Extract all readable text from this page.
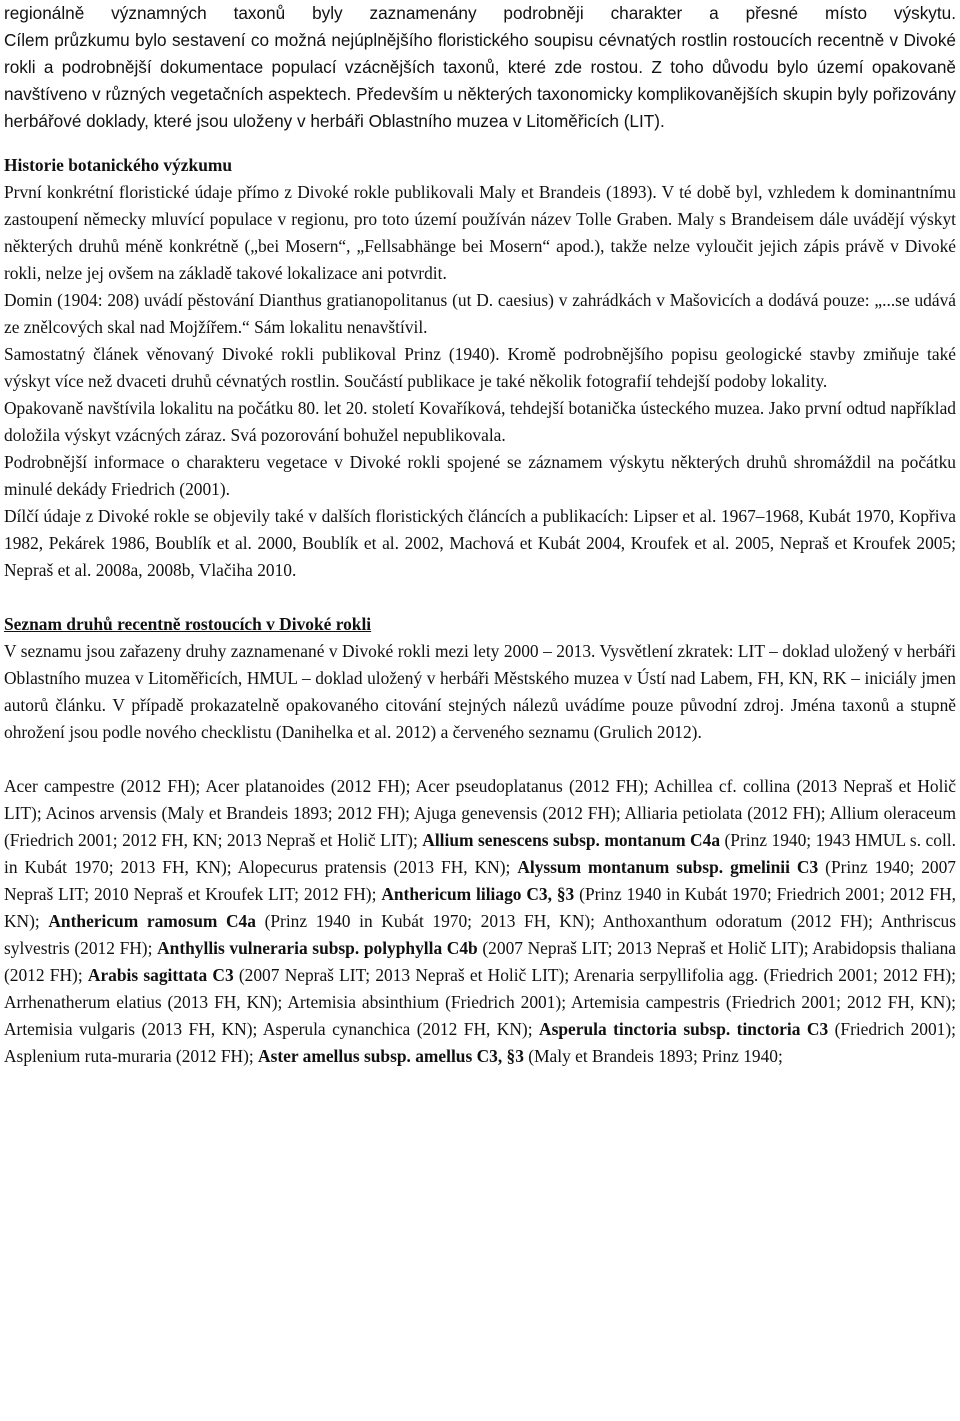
regionálně významných taxonů byly zaznamenány podrobněji charakter a přesné místo výskytu.

Cílem průzkumu bylo sestavení co možná nejúplnějšího floristického soupisu cévnatých rostlin rostoucích recentně v Divoké rokli a podrobnější dokumentace populací vzácnějších taxonů, které zde rostou. Z toho důvodu bylo území opakovaně navštíveno v různých vegetačních aspektech. Především u některých taxonomicky komplikovanějších skupin byly pořizovány herbářové doklady, které jsou uloženy v herbáři Oblastního muzea v Litoměřicích (LIT).

Historie botanického výzkumu

První konkrétní floristické údaje přímo z Divoké rokle publikovali Maly et Brandeis (1893). V té době byl, vzhledem k dominantnímu zastoupení německy mluvící populace v regionu, pro toto území používán název Tolle Graben. Maly s Brandeisem dále uvádějí výskyt některých druhů méně konkrétně („bei Mosern“, „Fellsabhänge bei Mosern“ apod.), takže nelze vyloučit jejich zápis právě v Divoké rokli, nelze jej ovšem na základě takové lokalizace ani potvrdit.

Domin (1904: 208) uvádí pěstování Dianthus gratianopolitanus (ut D. caesius) v zahrádkách v Mašovicích a dodává pouze: „...se udává ze znělcových skal nad Mojžířem.“ Sám lokalitu nenavštívil.

Samostatný článek věnovaný Divoké rokli publikoval Prinz (1940). Kromě podrobnějšího popisu geologické stavby zmiňuje také výskyt více než dvaceti druhů cévnatých rostlin. Součástí publikace je také několik fotografií tehdejší podoby lokality.

Opakovaně navštívila lokalitu na počátku 80. let 20. století Kovaříková, tehdejší botanička ústeckého muzea. Jako první odtud například doložila výskyt vzácných záraz. Svá pozorování bohužel nepublikovala.

Podrobnější informace o charakteru vegetace v Divoké rokli spojené se záznamem výskytu některých druhů shromáždil na počátku minulé dekády Friedrich (2001).

Dílčí údaje z Divoké rokle se objevily také v dalších floristických článcích a publikacích: Lipser et al. 1967–1968, Kubát 1970, Kopřiva 1982, Pekárek 1986, Boublík et al. 2000, Boublík et al. 2002, Machová et Kubát 2004, Kroufek et al. 2005, Nepraš et Kroufek 2005; Nepraš et al. 2008a, 2008b, Vlačiha 2010.

Seznam druhů recentně rostoucích v Divoké rokli

V seznamu jsou zařazeny druhy zaznamenané v Divoké rokli mezi lety 2000 – 2013. Vysvětlení zkratek: LIT – doklad uložený v herbáři Oblastního muzea v Litoměřicích, HMUL – doklad uložený v herbáři Městského muzea v Ústí nad Labem, FH, KN, RK – iniciály jmen autorů článku. V případě prokazatelně opakovaného citování stejných nálezů uvádíme pouze původní zdroj. Jména taxonů a stupně ohrožení jsou podle nového checklistu (Danihelka et al. 2012) a červeného seznamu (Grulich 2012).

Acer campestre (2012 FH); Acer platanoides (2012 FH); Acer pseudoplatanus (2012 FH); Achillea cf. collina (2013 Nepraš et Holič LIT); Acinos arvensis (Maly et Brandeis 1893; 2012 FH); Ajuga genevensis (2012 FH); Alliaria petiolata (2012 FH); Allium oleraceum (Friedrich 2001; 2012 FH, KN; 2013 Nepraš et Holič LIT); Allium senescens subsp. montanum C4a (Prinz 1940; 1943 HMUL s. coll. in Kubát 1970; 2013 FH, KN); Alopecurus pratensis (2013 FH, KN); Alyssum montanum subsp. gmelinii C3 (Prinz 1940; 2007 Nepraš LIT; 2010 Nepraš et Kroufek LIT; 2012 FH); Anthericum liliago C3, §3 (Prinz 1940 in Kubát 1970; Friedrich 2001; 2012 FH, KN); Anthericum ramosum C4a (Prinz 1940 in Kubát 1970; 2013 FH, KN); Anthoxanthum odoratum (2012 FH); Anthriscus sylvestris (2012 FH); Anthyllis vulneraria subsp. polyphylla C4b (2007 Nepraš LIT; 2013 Nepraš et Holič LIT); Arabidopsis thaliana (2012 FH); Arabis sagittata C3 (2007 Nepraš LIT; 2013 Nepraš et Holič LIT); Arenaria serpyllifolia agg. (Friedrich 2001; 2012 FH); Arrhenatherum elatius (2013 FH, KN); Artemisia absinthium (Friedrich 2001); Artemisia campestris (Friedrich 2001; 2012 FH, KN); Artemisia vulgaris (2013 FH, KN); Asperula cynanchica (2012 FH, KN); Asperula tinctoria subsp. tinctoria C3 (Friedrich 2001); Asplenium ruta-muraria (2012 FH); Aster amellus subsp. amellus C3, §3 (Maly et Brandeis 1893; Prinz 1940;
